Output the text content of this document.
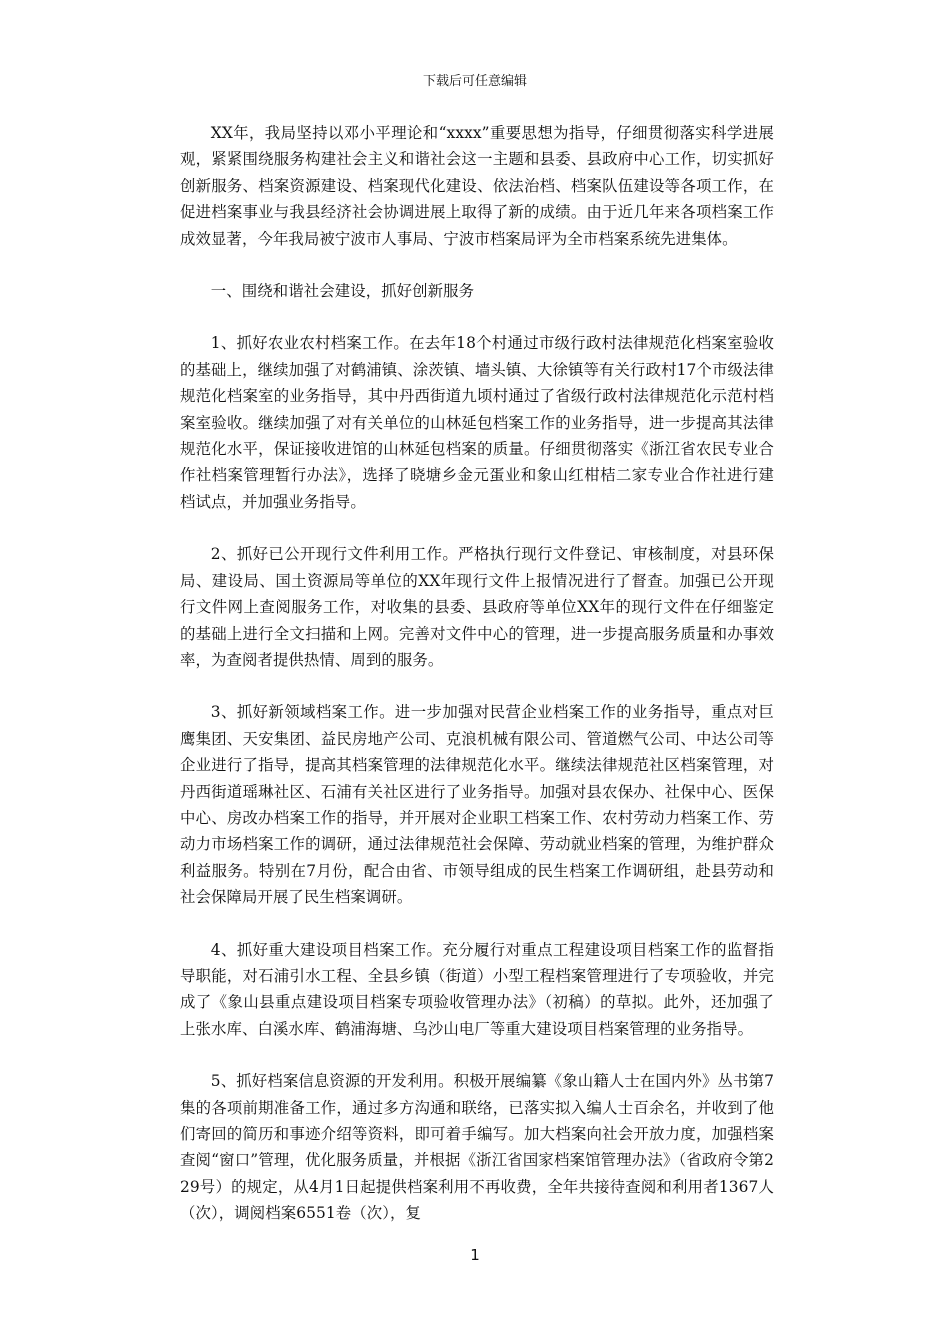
下载后可任意编辑

XX年，我局坚持以邓小平理论和“xxxx”重要思想为指导，仔细贯彻落实科学进展观，紧紧围绕服务构建社会主义和谐社会这一主题和县委、县政府中心工作，切实抓好创新服务、档案资源建设、档案现代化建设、依法治档、档案队伍建设等各项工作，在促进档案事业与我县经济社会协调进展上取得了新的成绩。由于近几年来各项档案工作成效显著，今年我局被宁波市人事局、宁波市档案局评为全市档案系统先进集体。

一、围绕和谐社会建设，抓好创新服务

1、抓好农业农村档案工作。在去年18个村通过市级行政村法律规范化档案室验收的基础上，继续加强了对鹤浦镇、涂茨镇、墙头镇、大徐镇等有关行政村17个市级法律规范化档案室的业务指导，其中丹西街道九顷村通过了省级行政村法律规范化示范村档案室验收。继续加强了对有关单位的山林延包档案工作的业务指导，进一步提高其法律规范化水平，保证接收进馆的山林延包档案的质量。仔细贯彻落实《浙江省农民专业合作社档案管理暂行办法》，选择了晓塘乡金元蛋业和象山红柑桔二家专业合作社进行建档试点，并加强业务指导。

2、抓好已公开现行文件利用工作。严格执行现行文件登记、审核制度，对县环保局、建设局、国土资源局等单位的XX年现行文件上报情况进行了督查。加强已公开现行文件网上查阅服务工作，对收集的县委、县政府等单位XX年的现行文件在仔细鉴定的基础上进行全文扫描和上网。完善对文件中心的管理，进一步提高服务质量和办事效率，为查阅者提供热情、周到的服务。

3、抓好新领域档案工作。进一步加强对民营企业档案工作的业务指导，重点对巨鹰集团、天安集团、益民房地产公司、克浪机械有限公司、管道燃气公司、中达公司等企业进行了指导，提高其档案管理的法律规范化水平。继续法律规范社区档案管理，对丹西街道瑶琳社区、石浦有关社区进行了业务指导。加强对县农保办、社保中心、医保中心、房改办档案工作的指导，并开展对企业职工档案工作、农村劳动力档案工作、劳动力市场档案工作的调研，通过法律规范社会保障、劳动就业档案的管理，为维护群众利益服务。特别在7月份，配合由省、市领导组成的民生档案工作调研组，赴县劳动和社会保障局开展了民生档案调研。

4、抓好重大建设项目档案工作。充分履行对重点工程建设项目档案工作的监督指导职能，对石浦引水工程、全县乡镇（街道）小型工程档案管理进行了专项验收，并完成了《象山县重点建设项目档案专项验收管理办法》（初稿）的草拟。此外，还加强了上张水库、白溪水库、鹤浦海塘、乌沙山电厂等重大建设项目档案管理的业务指导。

5、抓好档案信息资源的开发利用。积极开展编纂《象山籍人士在国内外》丛书第7集的各项前期准备工作，通过多方沟通和联络，已落实拟入编人士百余名，并收到了他们寄回的简历和事迹介绍等资料，即可着手编写。加大档案向社会开放力度，加强档案查阅“窗口”管理，优化服务质量，并根据《浙江省国家档案馆管理办法》（省政府令第229号）的规定，从4月1日起提供档案利用不再收费，全年共接待查阅和利用者1367人（次），调阅档案6551卷（次），复

1
